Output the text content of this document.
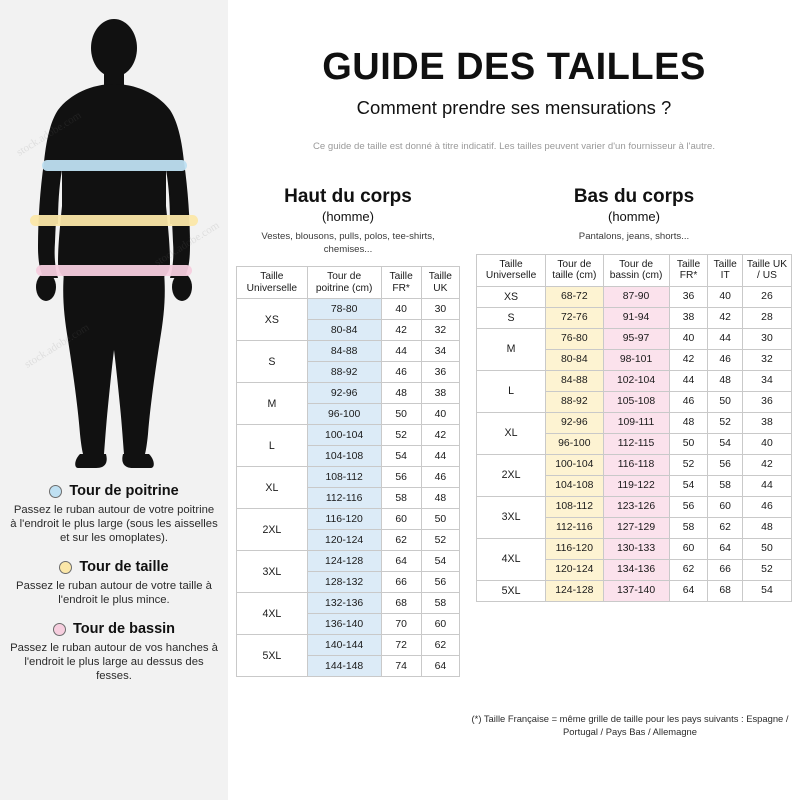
stock.adobe.com
Tour de poitrine
Passez le ruban autour de votre poitrine à l'endroit le plus large (sous les aisselles et sur les omoplates).
Tour de taille
Passez le ruban autour de votre taille à l'endroit le plus mince.
Tour de bassin
Passez le ruban autour de vos hanches à l'endroit le plus large au dessus des fesses.
GUIDE DES TAILLES
Comment prendre ses mensurations ?
Ce guide de taille est donné à titre indicatif. Les tailles peuvent varier d'un fournisseur à l'autre.
Haut du corps
(homme)
Vestes, blousons, pulls, polos, tee-shirts, chemises...
Taille Universelle	Tour de poitrine (cm)	Taille FR*	Taille UK
XS	78-80	40	30
	80-84	42	32
S	84-88	44	34
	88-92	46	36
M	92-96	48	38
	96-100	50	40
L	100-104	52	42
	104-108	54	44
XL	108-112	56	46
	112-116	58	48
2XL	116-120	60	50
	120-124	62	52
3XL	124-128	64	54
	128-132	66	56
4XL	132-136	68	58
	136-140	70	60
5XL	140-144	72	62
	144-148	74	64
Bas du corps
(homme)
Pantalons, jeans, shorts...
Taille Universelle	Tour de taille (cm)	Tour de bassin (cm)	Taille FR*	Taille IT	Taille UK / US
XS	68-72	87-90	36	40	26
S	72-76	91-94	38	42	28
M	76-80	95-97	40	44	30
	80-84	98-101	42	46	32
L	84-88	102-104	44	48	34
	88-92	105-108	46	50	36
XL	92-96	109-111	48	52	38
	96-100	112-115	50	54	40
2XL	100-104	116-118	52	56	42
	104-108	119-122	54	58	44
3XL	108-112	123-126	56	60	46
	112-116	127-129	58	62	48
4XL	116-120	130-133	60	64	50
	120-124	134-136	62	66	52
5XL	124-128	137-140	64	68	54
(*) Taille Française = même grille de taille pour les pays suivants : Espagne / Portugal / Pays Bas / Allemagne
